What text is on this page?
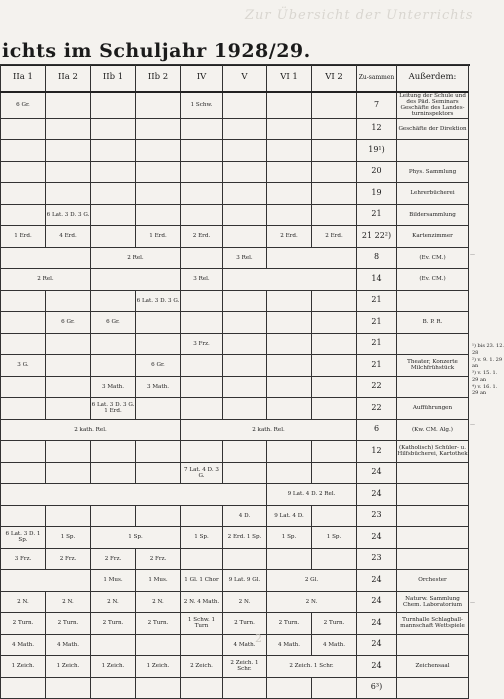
Zur Übersicht der Unterrichts
ichts im Schuljahr 1928/29.
IIa 1	IIa 2	IIb 1	IIb 2	IV	V	VI 1	VI 2	Zu-sammen	Außerdem:
6 Gr.				1 Schw.				7	Leitung der Schule und des Päd. Seminars Geschäfte des Landes-turninspektors
								12	Geschäfte der Direktion
								19¹)	
								20	Phys. Sammlung
								19	Lehrerbücherei
	6 Lat. 3 D. 3 G.							21	Bildersammlung
1 Erd.	4 Erd.		1 Erd.	2 Erd.		2 Erd.	2 Erd.	21 22²)	Kartenzimmer
		2 Rel.			3 Rel.			8	(Ev. CM.)
2 Rel.				3 Rel.				14	(Ev. CM.)
			6 Lat. 3 D. 3 G.					21	
	6 Gr.	6 Gr.						21	B. P. R.
				3 Frz.				21	
3 G.			6 Gr.					21	Theater, Konzerte Milchfrühstück
		3 Math.	3 Math.					22	
		6 Lat. 3 D. 3 G. 1 Erd.						22	Aufführungen
2 kath. Rel.				2 kath. Rel.				6	(Kw. CM. Alg.)
								12	(Katholisch) Schüler- u. Hilfsbücherei, Kartothek
				7 Lat. 4 D. 3 G.				24	
						9 Lat. 4 D. 2 Rel.		24	
					4 D.	9 Lat. 4 D.		23	
6 Lat. 3 D. 1 Sp.	1 Sp.	1 Sp.		1 Sp.	2 Erd. 1 Sp.	1 Sp.	1 Sp.	24	
3 Frz.	2 Frz.	2 Frz.	2 Frz.					23	
		1 Mus.	1 Mus.	1 Gl. 1 Chor	9 Lat. 9 Gl.	2 Gl.		24	Orchester
2 N.	2 N.	2 N.	2 N.	2 N. 4 Math.	2 N.	2 N.		24	Naturw. Sammlung Chem. Laboratorium
2 Turn.	2 Turn.	2 Turn.	2 Turn.	1 Schw. 1 Turn	2 Turn.	2 Turn.	2 Turn.	24	Turnhalle Schlagball-mannschaft Wettspiele
4 Math.	4 Math.				4 Math.	4 Math.	4 Math.	24	
1 Zeich.	1 Zeich.	1 Zeich.	1 Zeich.	2 Zeich.	2 Zeich. 1 Schr.	2 Zeich. 1 Schr.		24	Zeichensaal
								6³)	
¹) bis 23. 12. 28
²) v. 9. 1. 29 an
³) v. 15. 1. 29 an
⁴) v. 16. 1. 29 an
—
—
—
2
